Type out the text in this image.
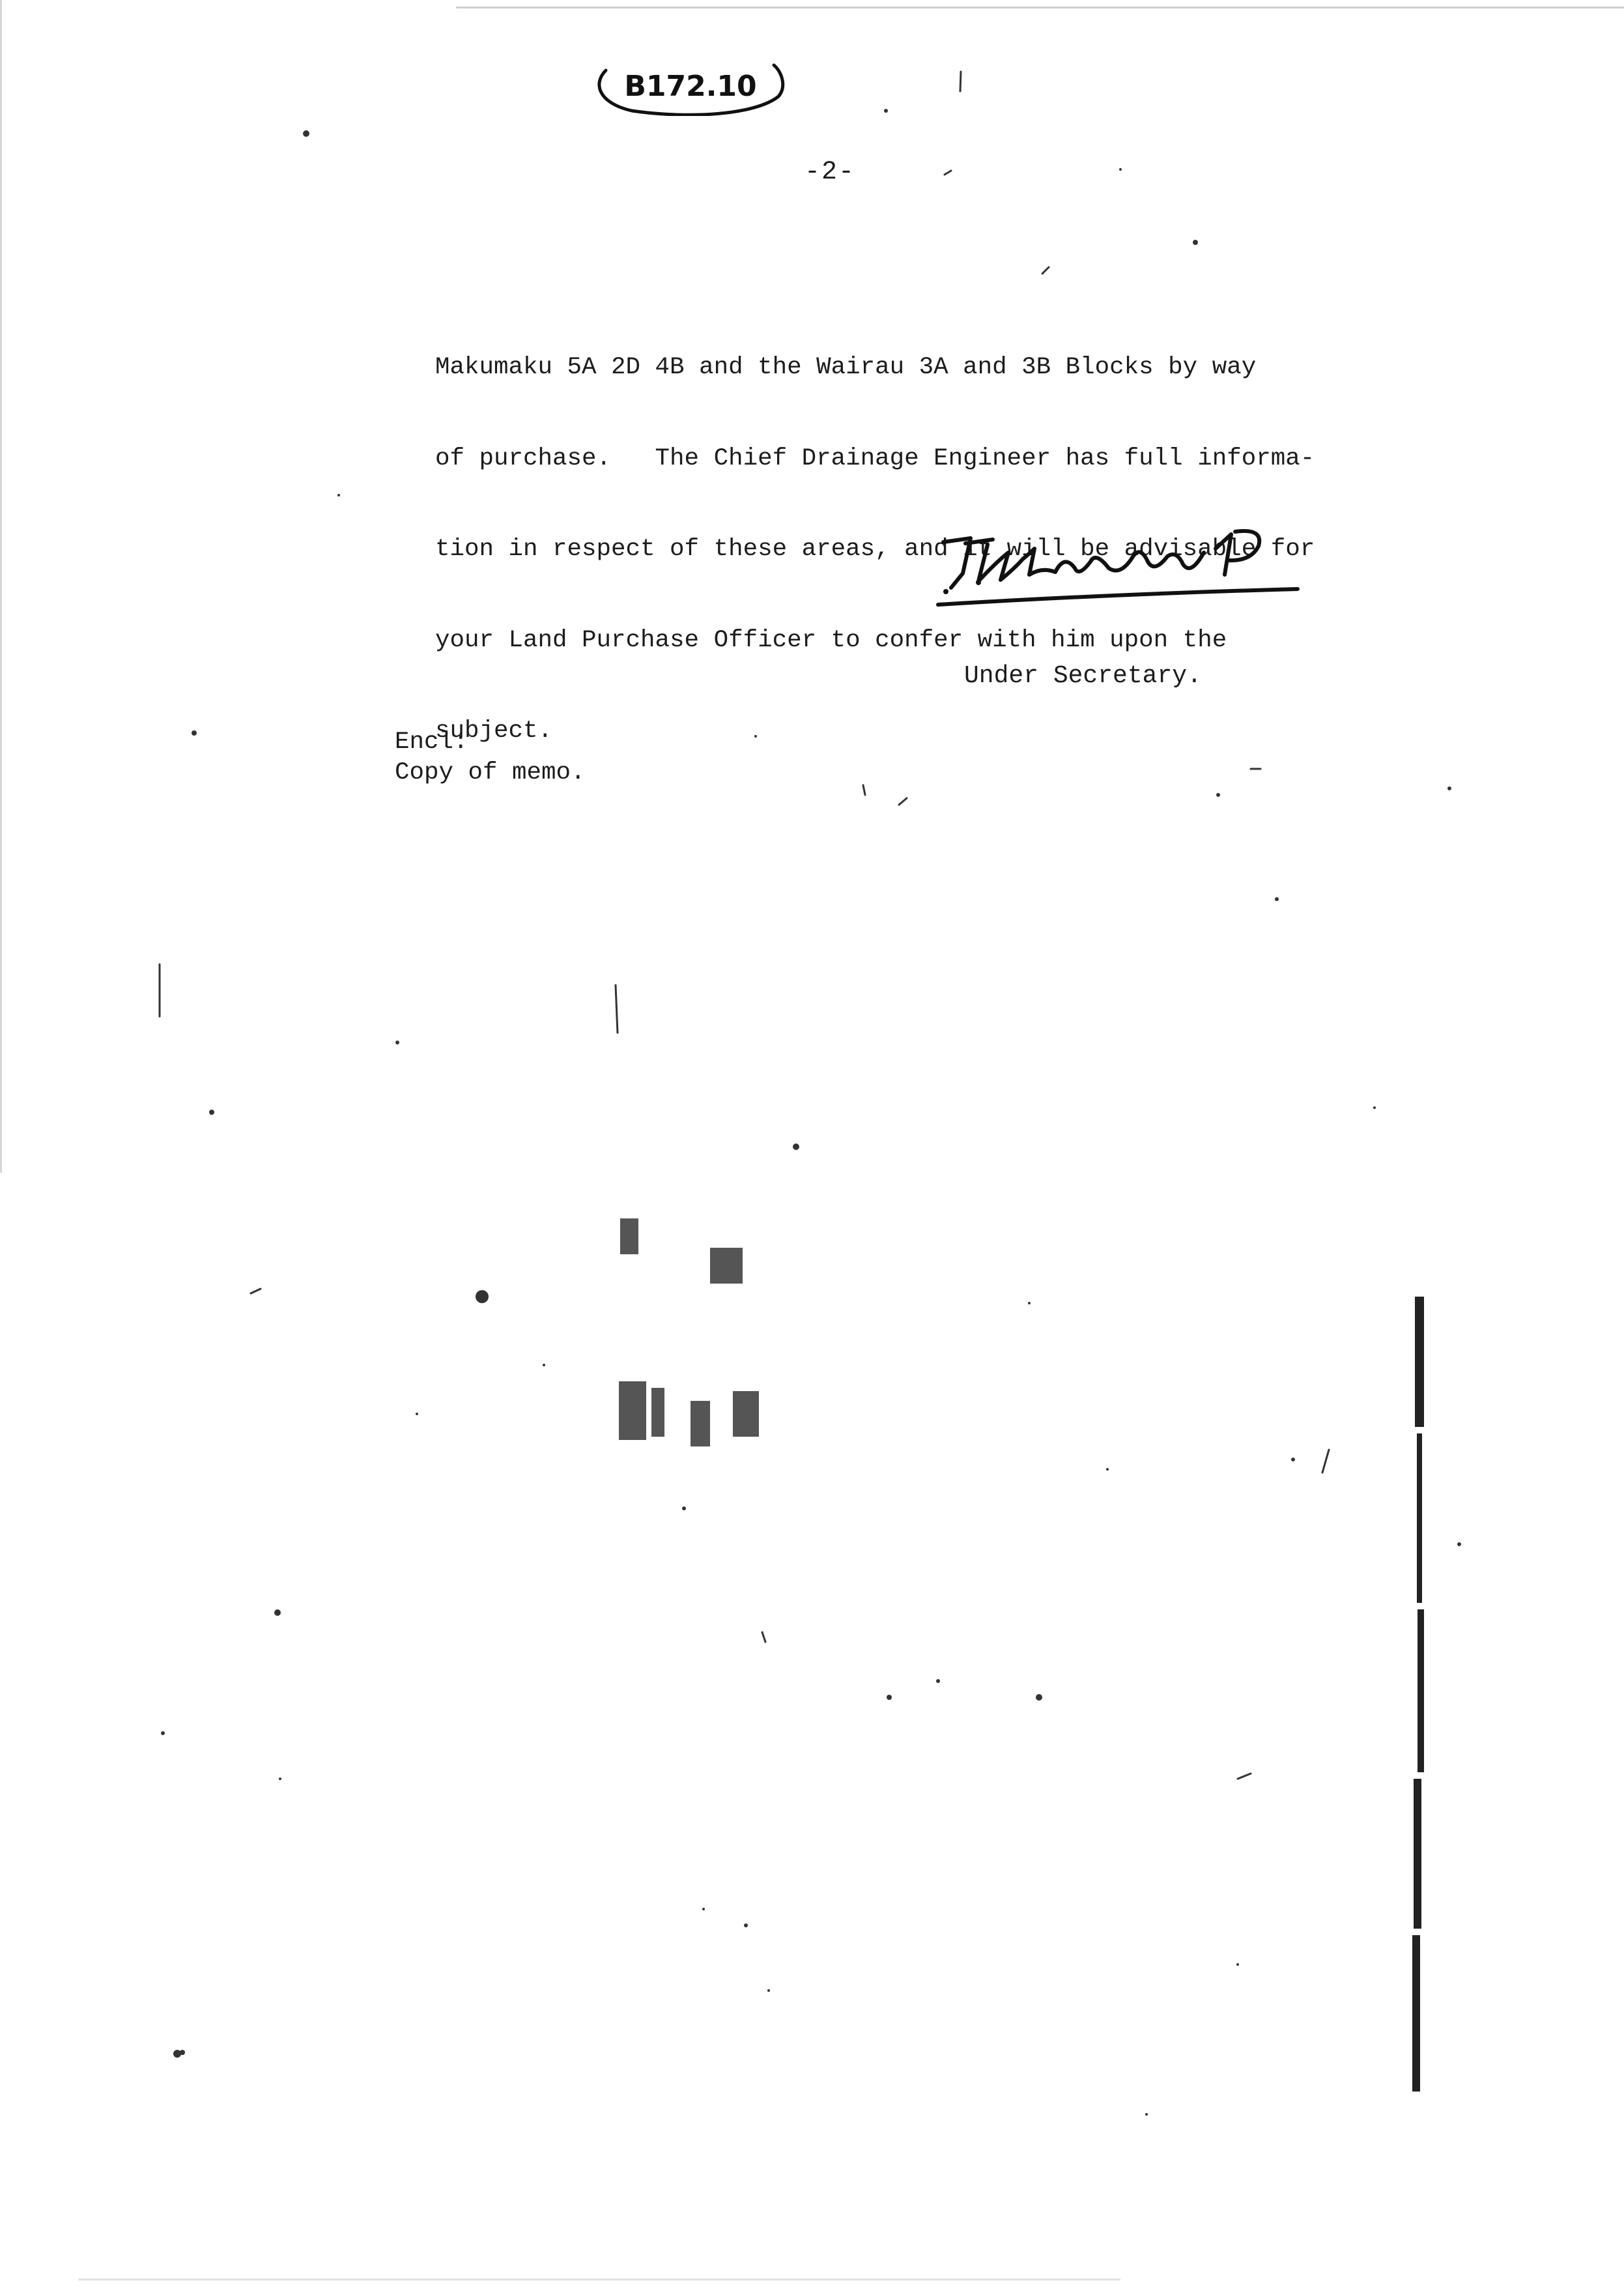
B172.10
-2-

Makumaku 5A 2D 4B and the Wairau 3A and 3B Blocks by way

of purchase.   The Chief Drainage Engineer has full informa-

tion in respect of these areas, and it will be advisable for

your Land Purchase Officer to confer with him upon the

subject.

Under Secretary.
Encl:
Copy of memo.
